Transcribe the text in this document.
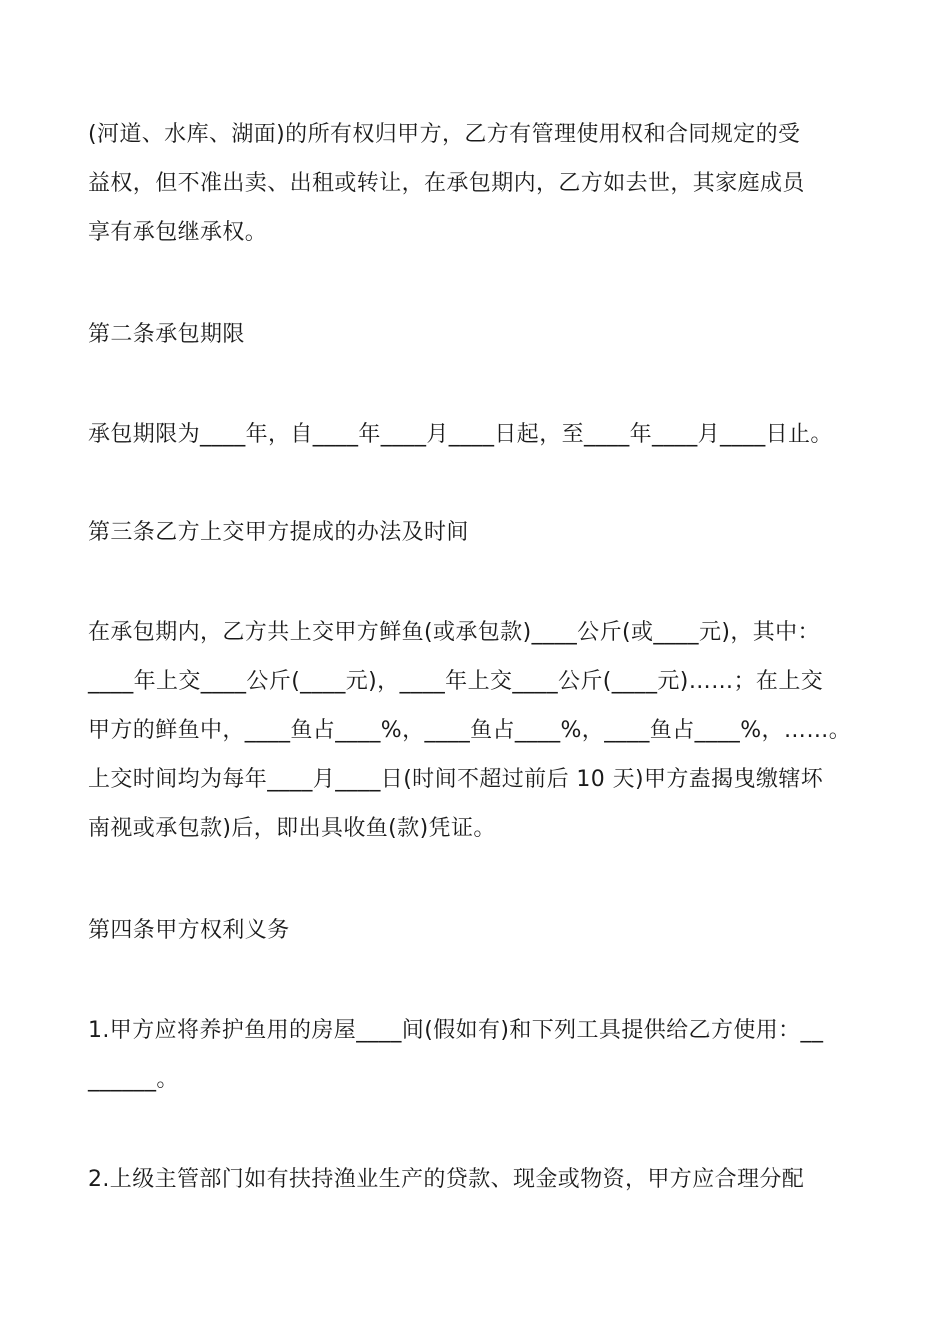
(河道、水库、湖面)的所有权归甲方，乙方有管理使用权和合同规定的受
益权，但不准出卖、出租或转让，在承包期内，乙方如去世，其家庭成员
享有承包继承权。
第二条承包期限
承包期限为____年，自____年____月____日起，至____年____月____日止。
第三条乙方上交甲方提成的办法及时间
在承包期内，乙方共上交甲方鲜鱼(或承包款)____公斤(或____元)，其中：
____年上交____公斤(____元)，____年上交____公斤(____元)……；在上交
甲方的鲜鱼中，____鱼占____%，____鱼占____%，____鱼占____%，……。
上交时间均为每年____月____日(时间不超过前后 10 天)甲方盍揭曳缴辖坏
南视或承包款)后，即出具收鱼(款)凭证。
第四条甲方权利义务
1.甲方应将养护鱼用的房屋____间(假如有)和下列工具提供给乙方使用：__
______。
2.上级主管部门如有扶持渔业生产的贷款、现金或物资，甲方应合理分配
